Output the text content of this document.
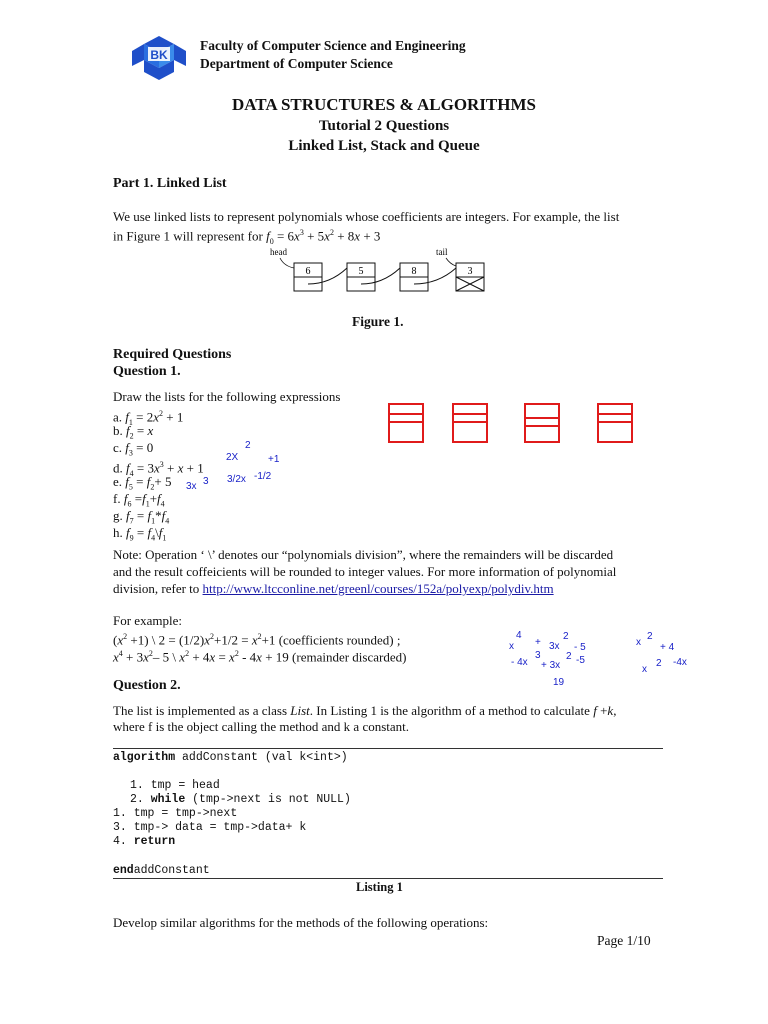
BK
Faculty of Computer Science and Engineering
Department of Computer Science
DATA STRUCTURES & ALGORITHMS
Tutorial 2 Questions
Linked List, Stack and Queue
Part 1. Linked List
We use linked lists to represent polynomials whose coefficients are integers. For example, the list
in Figure 1 will represent for $f_0 = 6x^3 + 5x^2 + 8x + 3$
head	tail
6	5	8	3
Figure 1.
Required Questions
Question 1.
Draw the lists for the following expressions
a. $f_1 = 2x^2 + 1$
b. $f_2 = x$
c. $f_3 = 0$
d. $f_4 = 3x^3 + x + 1$
e. $f_5 = f_2+ 5$
f. $f_6 =f_1+f_4$
g. $f_7 = f_1*f_4$
h. $f_9$ = $f_4\backslash f_1$
2
2X	+1
3/2x -1/2
3x 3
Note: Operation ‘ \’ denotes our “polynomials division”, where the remainders will be discarded
and the result coffeicients will be rounded to integer values. For more information of polynomial
division, refer to http://www.ltcconline.net/greenl/courses/152a/polyexp/polydiv.htm
For example:
$(x^2 +1)$ \ $2 = (1/2)x^2+1/2 = x^2+1$ (coefficients rounded) ;
$x^4 + 3x^2-$ 5 \ $x^2 + 4x = x^2 - 4x + 19$ (remainder discarded)
4
x + 3x
2
- 5
- 4x
3
+ 3x
2 -5
19
x
2
+ 4
x
2 -4x
Question 2.
The list is implemented as a class List. In Listing 1 is the algorithm of a method to calculate f +k,
where f is the object calling the method and k a constant.
algorithm addConstant (val k<int>)
1. tmp = head
2. while (tmp->next is not NULL)
1. tmp = tmp->next
3. tmp-> data = tmp->data+ k
4. return
endaddConstant
Listing 1
Develop similar algorithms for the methods of the following operations:
Page 1/10
